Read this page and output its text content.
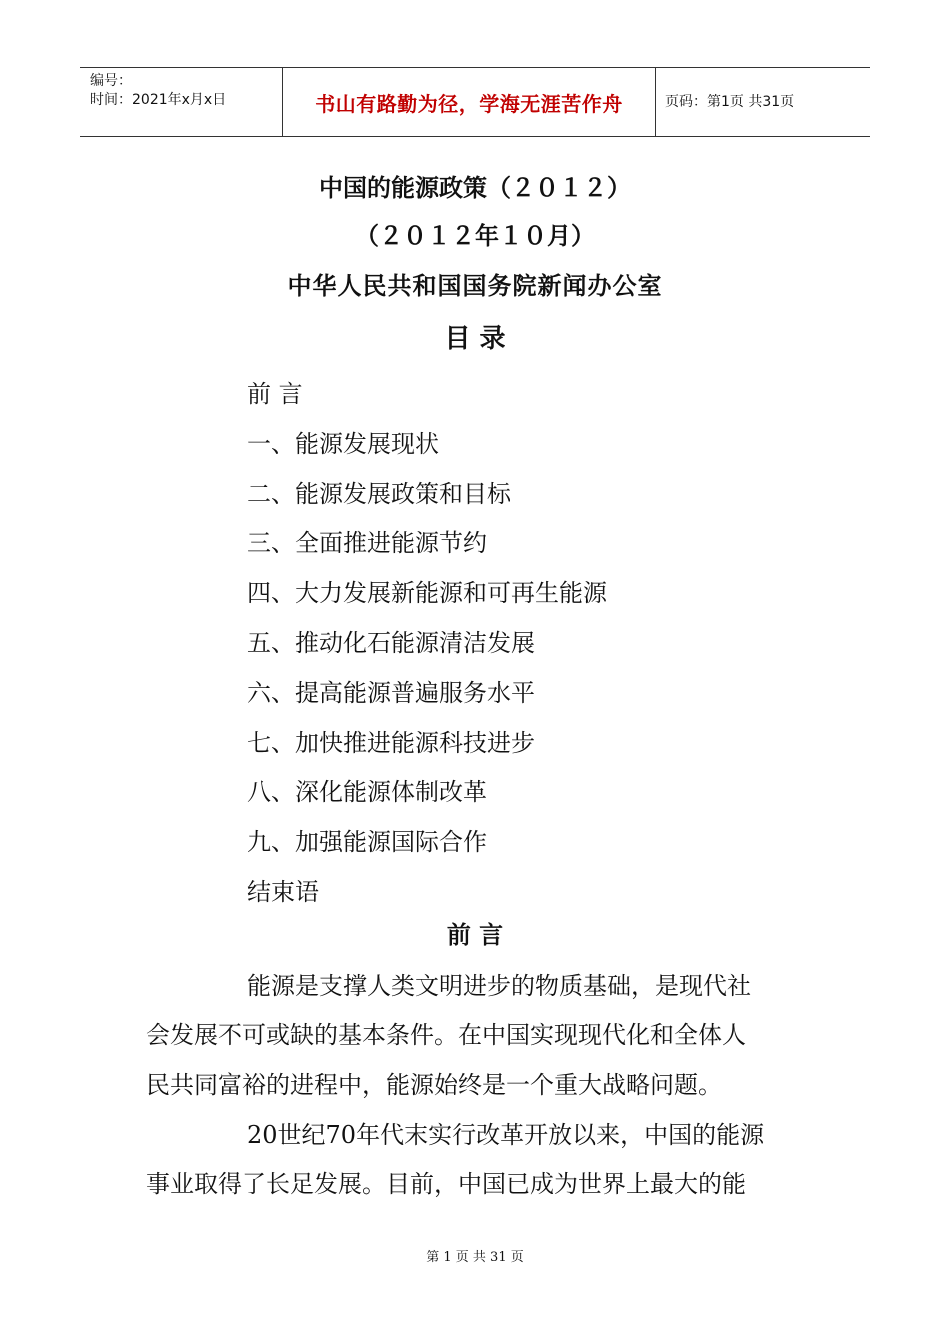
编号：
时间：2021年x月x日	书山有路勤为径，学海无涯苦作舟	页码：第1页 共31页
中国的能源政策（２０１２）
（２０１２年１０月）
中华人民共和国国务院新闻办公室
目 录
前 言
一、能源发展现状
二、能源发展政策和目标
三、全面推进能源节约
四、大力发展新能源和可再生能源
五、推动化石能源清洁发展
六、提高能源普遍服务水平
七、加快推进能源科技进步
八、深化能源体制改革
九、加强能源国际合作
结束语
前 言
能源是支撑人类文明进步的物质基础，是现代社
会发展不可或缺的基本条件。在中国实现现代化和全体人
民共同富裕的进程中，能源始终是一个重大战略问题。
20世纪70年代末实行改革开放以来，中国的能源
事业取得了长足发展。目前，中国已成为世界上最大的能
第 1 页 共 31 页
